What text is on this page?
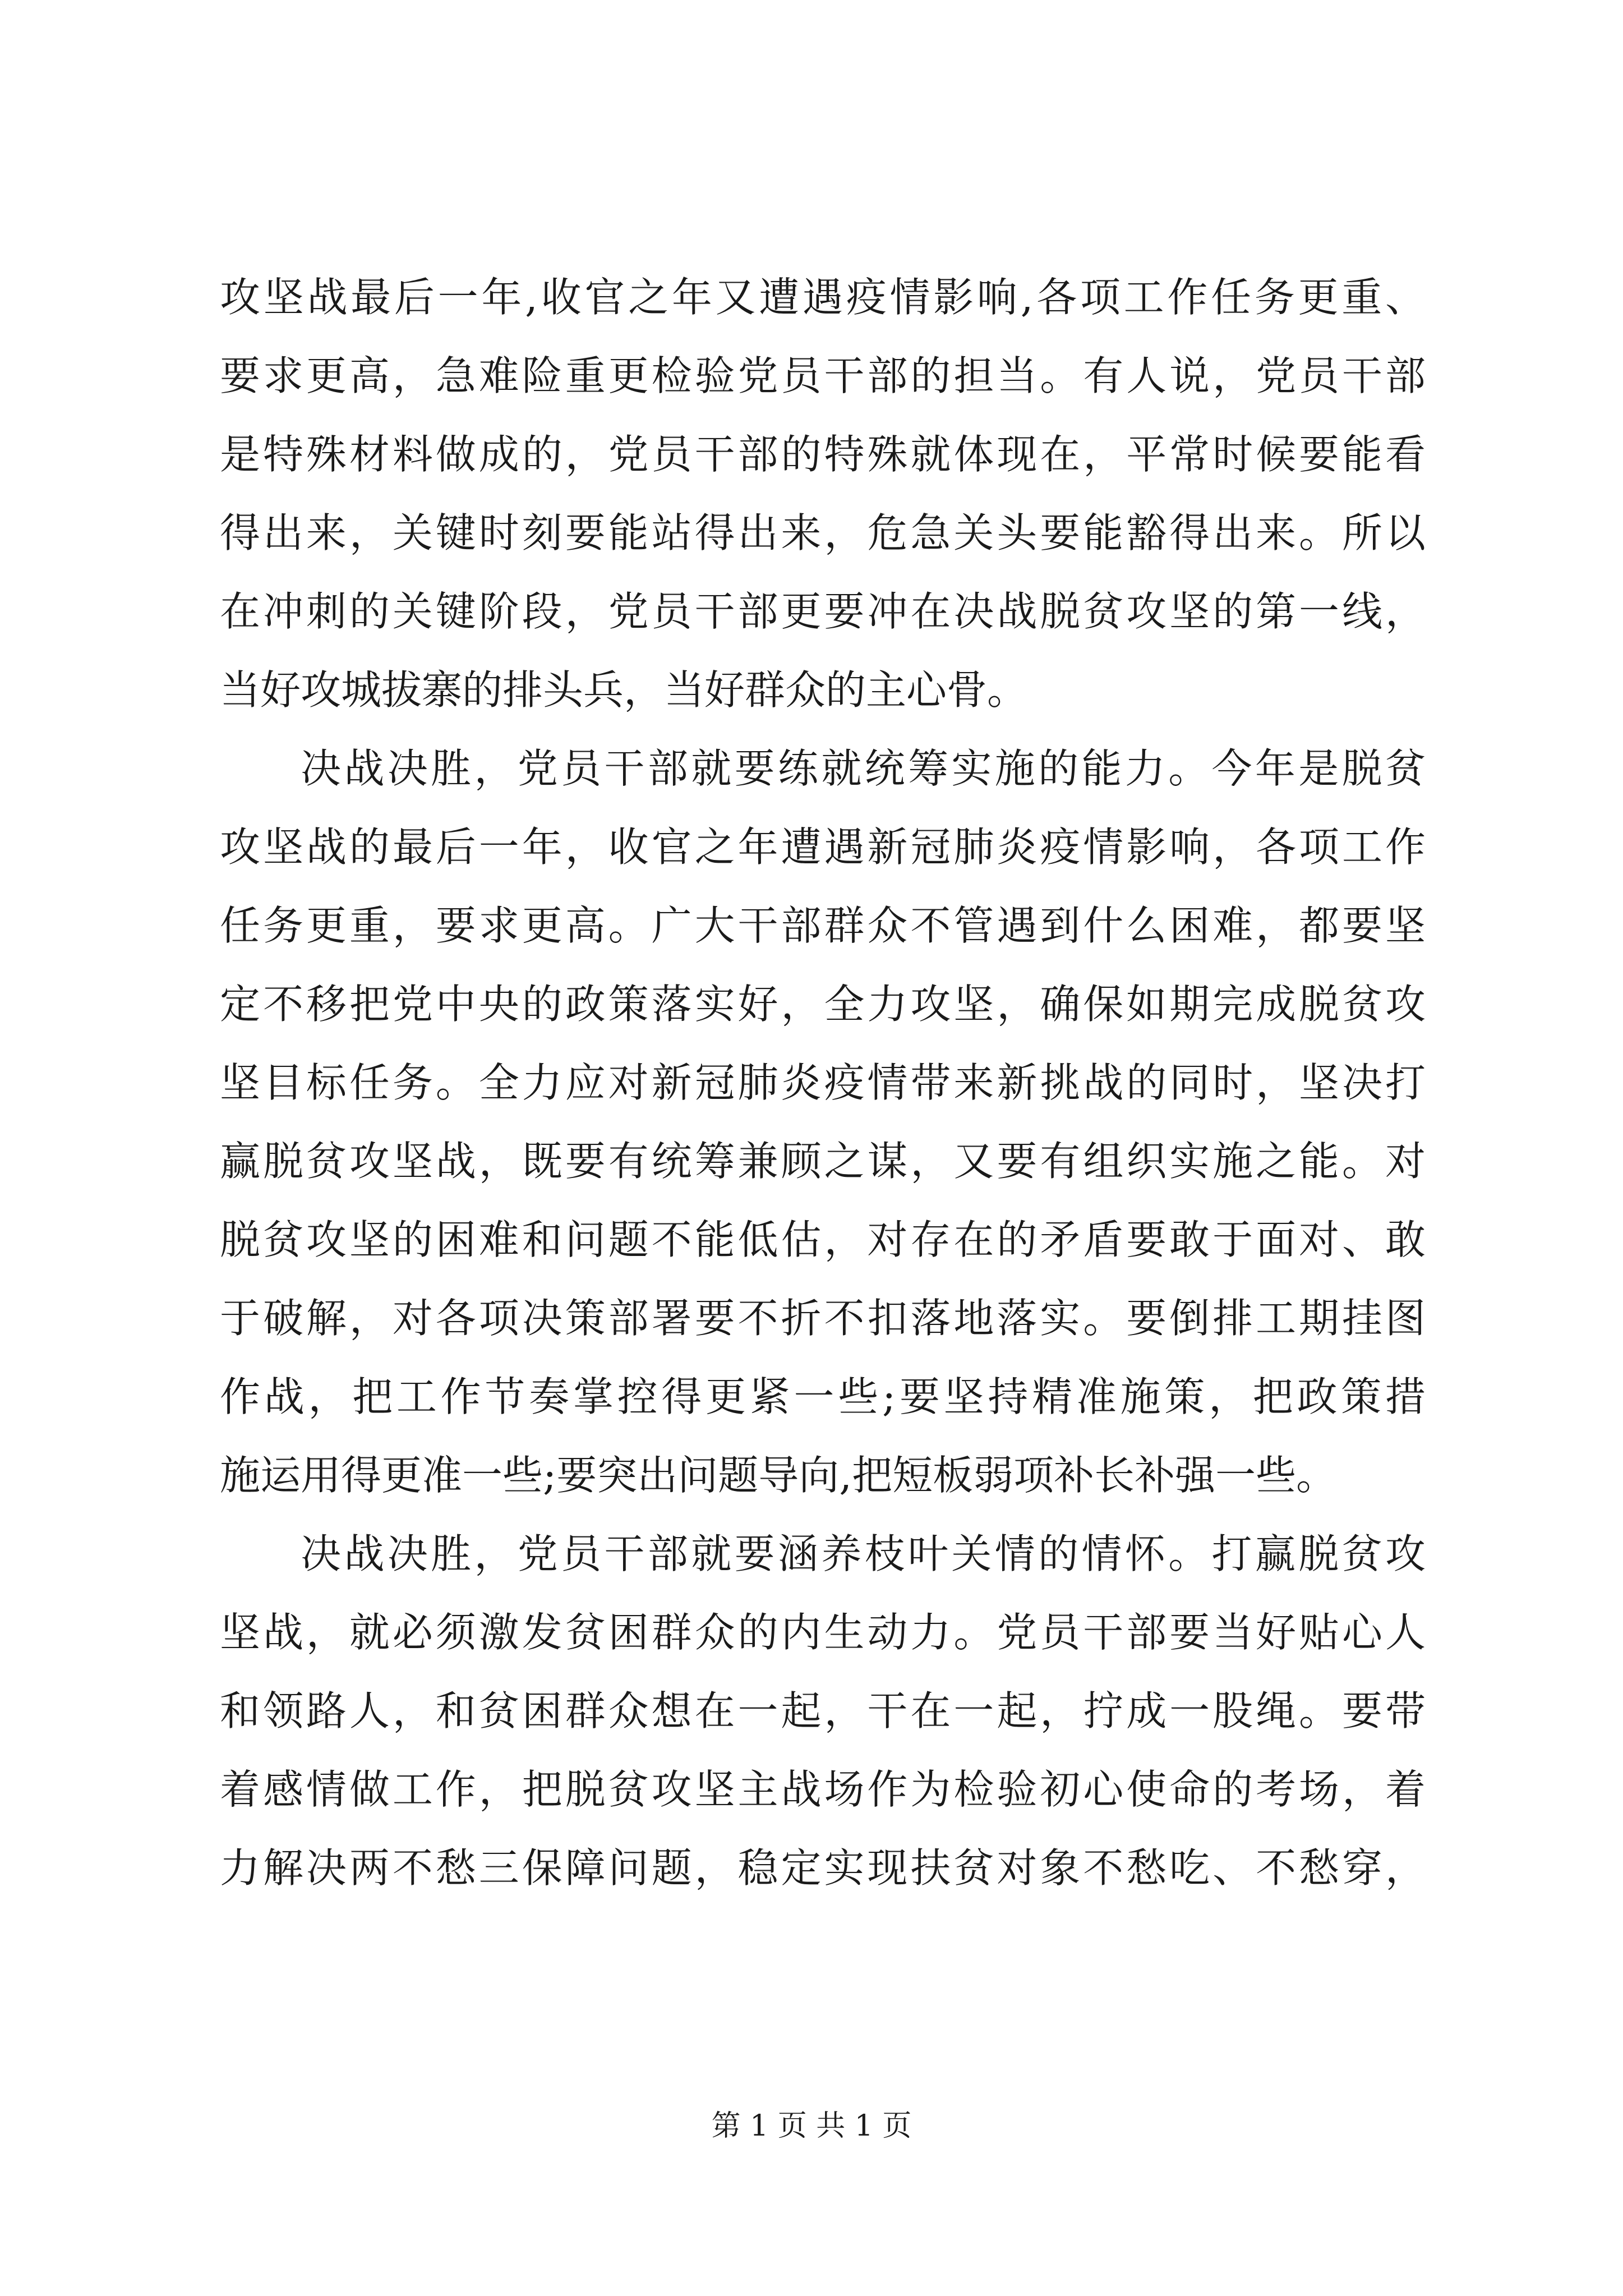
攻坚战最后一年,收官之年又遭遇疫情影响,各项工作任务更重、
要求更高，急难险重更检验党员干部的担当。有人说，党员干部
是特殊材料做成的，党员干部的特殊就体现在，平常时候要能看
得出来，关键时刻要能站得出来，危急关头要能豁得出来。所以
在冲刺的关键阶段，党员干部更要冲在决战脱贫攻坚的第一线，
当好攻城拔寨的排头兵，当好群众的主心骨。
决战决胜，党员干部就要练就统筹实施的能力。今年是脱贫
攻坚战的最后一年，收官之年遭遇新冠肺炎疫情影响，各项工作
任务更重，要求更高。广大干部群众不管遇到什么困难，都要坚
定不移把党中央的政策落实好，全力攻坚，确保如期完成脱贫攻
坚目标任务。全力应对新冠肺炎疫情带来新挑战的同时，坚决打
赢脱贫攻坚战，既要有统筹兼顾之谋，又要有组织实施之能。对
脱贫攻坚的困难和问题不能低估，对存在的矛盾要敢于面对、敢
于破解，对各项决策部署要不折不扣落地落实。要倒排工期挂图
作战，把工作节奏掌控得更紧一些;要坚持精准施策，把政策措
施运用得更准一些;要突出问题导向,把短板弱项补长补强一些。
决战决胜，党员干部就要涵养枝叶关情的情怀。打赢脱贫攻
坚战，就必须激发贫困群众的内生动力。党员干部要当好贴心人
和领路人，和贫困群众想在一起，干在一起，拧成一股绳。要带
着感情做工作，把脱贫攻坚主战场作为检验初心使命的考场，着
力解决两不愁三保障问题，稳定实现扶贫对象不愁吃、不愁穿，
第 1 页 共 1 页
